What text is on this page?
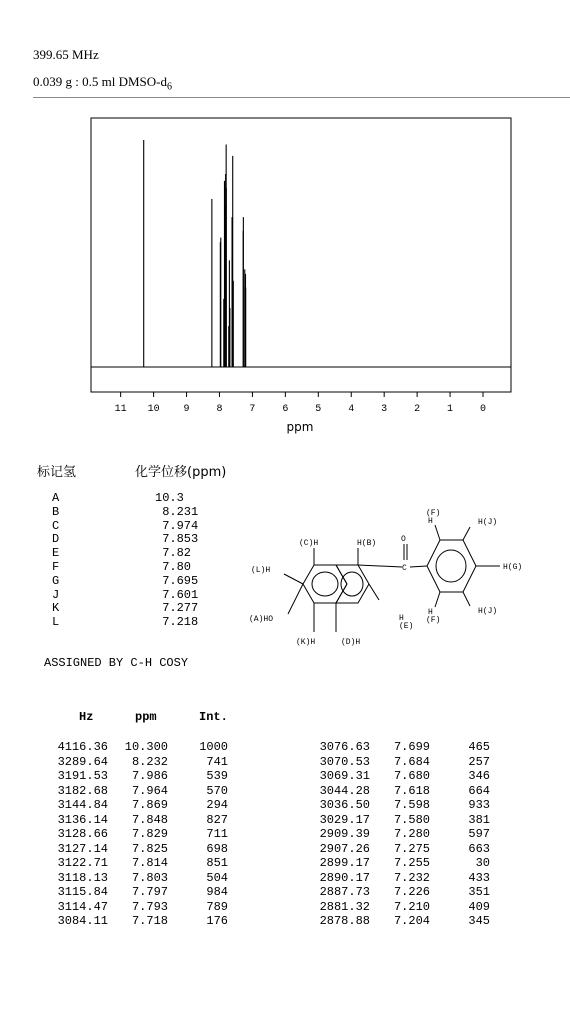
399.65 MHz
0.039 g : 0.5 ml DMSO-$d_6$
11 10 9	8	7	6	5	4	3	2	1	0
ppm
标记氢	化学位移(ppm)
A	10.3
B	8.231
C	7.974
D	7.853
E	7.82
F	7.80
G	7.695
J	7.601
K	7.277
L	7.218
ASSIGNED BY C-H COSY
(C)H	H(B)
(L)H
(A)HO
(K)H	(D)H
H
(E)
O
C
(F)
H	H(J)
H(G)
H
(F)
H(J)
Hz	ppm	Int.
4116.36	10.300	1000
3289.64	8.232	741
3191.53	7.986	539
3182.68	7.964	570
3144.84	7.869	294
3136.14	7.848	827
3128.66	7.829	711
3127.14	7.825	698
3122.71	7.814	851
3118.13	7.803	504
3115.84	7.797	984
3114.47	7.793	789
3084.11	7.718	176
3076.63	7.699	465
3070.53	7.684	257
3069.31	7.680	346
3044.28	7.618	664
3036.50	7.598	933
3029.17	7.580	381
2909.39	7.280	597
2907.26	7.275	663
2899.17	7.255	30
2890.17	7.232	433
2887.73	7.226	351
2881.32	7.210	409
2878.88	7.204	345
